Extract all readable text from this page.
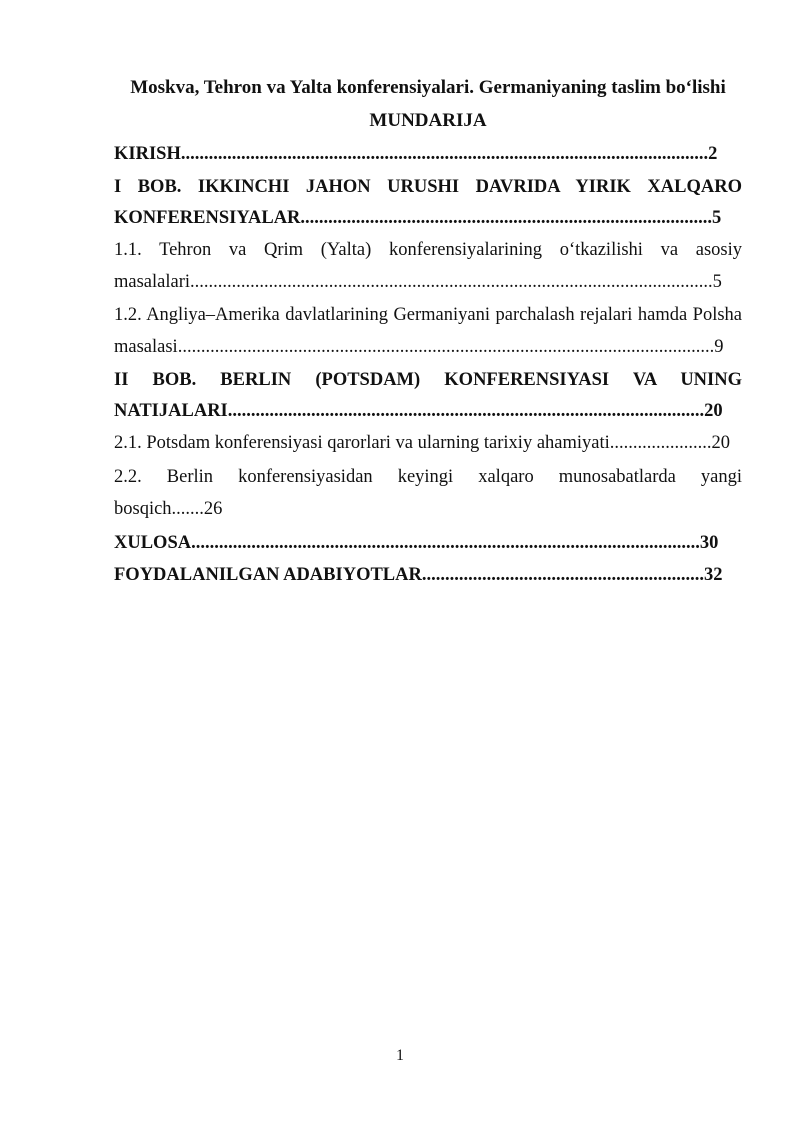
Moskva, Tehron va Yalta konferensiyalari. Germaniyaning taslim bo‘lishi
MUNDARIJA
KIRISH..................................................................................................................2
I BOB. IKKINCHI JAHON URUSHI DAVRIDA YIRIK XALQARO
KONFERENSIYALAR.........................................................................................5
1.1. Tehron va Qrim (Yalta) konferensiyalarining o‘tkazilishi va asosiy
masalalari.................................................................................................................5
1.2. Angliya–Amerika davlatlarining Germaniyani parchalash rejalari hamda Polsha
masalasi....................................................................................................................9
II BOB. BERLIN (POTSDAM) KONFERENSIYASI VA UNING
NATIJALARI.......................................................................................................20
2.1. Potsdam konferensiyasi qarorlari va ularning tarixiy ahamiyati......................20
2.2. Berlin konferensiyasidan keyingi xalqaro munosabatlarda yangi
bosqich.......26
XULOSA..............................................................................................................30
FOYDALANILGAN ADABIYOTLAR.............................................................32
1
